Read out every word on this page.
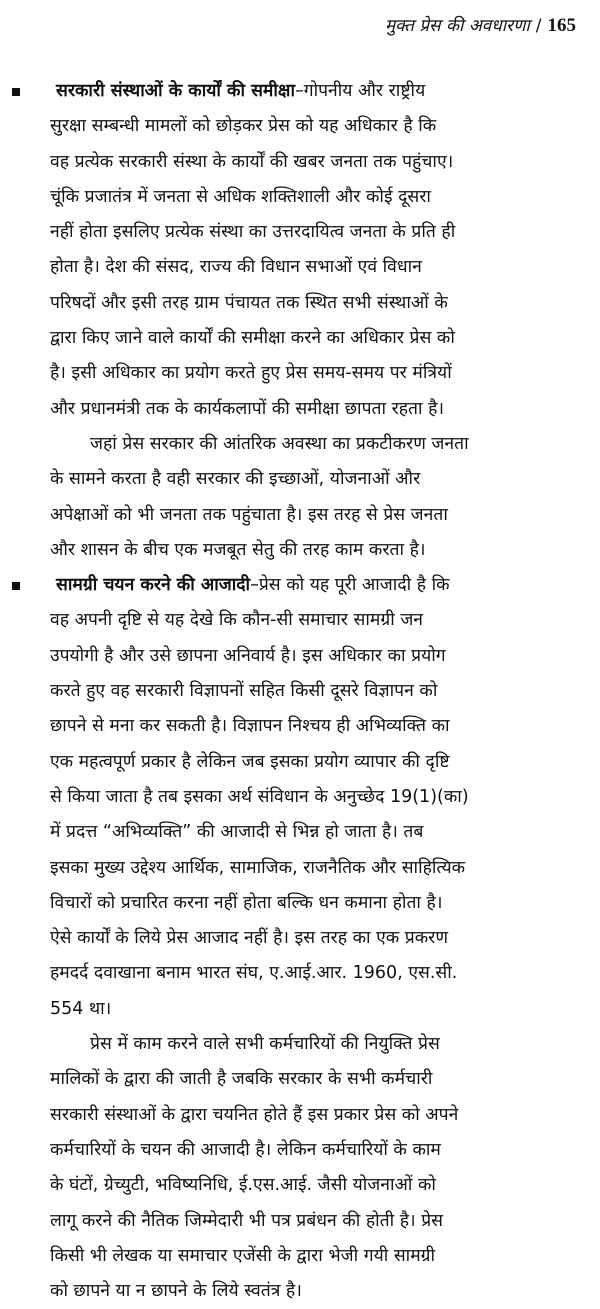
मुक्त प्रेस की अवधारणा / 165
सरकारी संस्थाओं के कार्यों की समीक्षा–गोपनीय और राष्ट्रीय
सुरक्षा सम्बन्धी मामलों को छोड़कर प्रेस को यह अधिकार है कि
वह प्रत्येक सरकारी संस्था के कार्यों की खबर जनता तक पहुंचाए।
चूंकि प्रजातंत्र में जनता से अधिक शक्तिशाली और कोई दूसरा
नहीं होता इसलिए प्रत्येक संस्था का उत्तरदायित्व जनता के प्रति ही
होता है। देश की संसद, राज्य की विधान सभाओं एवं विधान
परिषदों और इसी तरह ग्राम पंचायत तक स्थित सभी संस्थाओं के
द्वारा किए जाने वाले कार्यों की समीक्षा करने का अधिकार प्रेस को
है। इसी अधिकार का प्रयोग करते हुए प्रेस समय-समय पर मंत्रियों
और प्रधानमंत्री तक के कार्यकलापों की समीक्षा छापता रहता है।
जहां प्रेस सरकार की आंतरिक अवस्था का प्रकटीकरण जनता
के सामने करता है वही सरकार की इच्छाओं, योजनाओं और
अपेक्षाओं को भी जनता तक पहुंचाता है। इस तरह से प्रेस जनता
और शासन के बीच एक मजबूत सेतु की तरह काम करता है।
सामग्री चयन करने की आजादी–प्रेस को यह पूरी आजादी है कि
वह अपनी दृष्टि से यह देखे कि कौन-सी समाचार सामग्री जन
उपयोगी है और उसे छापना अनिवार्य है। इस अधिकार का प्रयोग
करते हुए वह सरकारी विज्ञापनों सहित किसी दूसरे विज्ञापन को
छापने से मना कर सकती है। विज्ञापन निश्चय ही अभिव्यक्ति का
एक महत्वपूर्ण प्रकार है लेकिन जब इसका प्रयोग व्यापार की दृष्टि
से किया जाता है तब इसका अर्थ संविधान के अनुच्छेद 19(1)(का)
में प्रदत्त “अभिव्यक्ति” की आजादी से भिन्न हो जाता है। तब
इसका मुख्य उद्देश्य आर्थिक, सामाजिक, राजनैतिक और साहित्यिक
विचारों को प्रचारित करना नहीं होता बल्कि धन कमाना होता है।
ऐसे कार्यों के लिये प्रेस आजाद नहीं है। इस तरह का एक प्रकरण
हमदर्द दवाखाना बनाम भारत संघ, ए.आई.आर. 1960, एस.सी.
554 था।
प्रेस में काम करने वाले सभी कर्मचारियों की नियुक्ति प्रेस
मालिकों के द्वारा की जाती है जबकि सरकार के सभी कर्मचारी
सरकारी संस्थाओं के द्वारा चयनित होते हैं इस प्रकार प्रेस को अपने
कर्मचारियों के चयन की आजादी है। लेकिन कर्मचारियों के काम
के घंटों, ग्रेच्युटी, भविष्यनिधि, ई.एस.आई. जैसी योजनाओं को
लागू करने की नैतिक जिम्मेदारी भी पत्र प्रबंधन की होती है। प्रेस
किसी भी लेखक या समाचार एजेंसी के द्वारा भेजी गयी सामग्री
को छापने या न छापने के लिये स्वतंत्र है।
